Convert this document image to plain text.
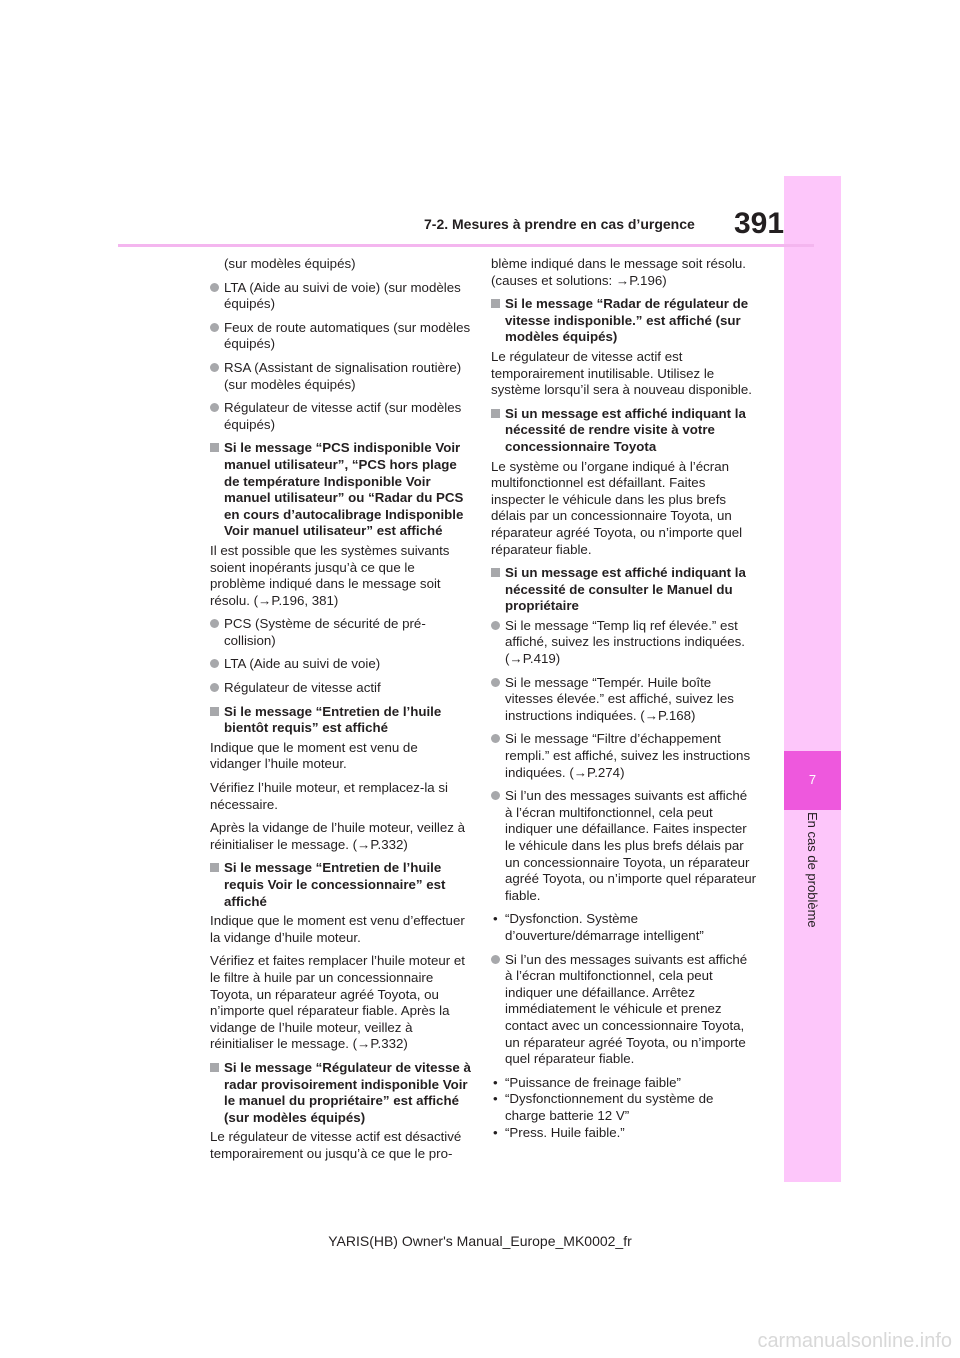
7
En cas de problème
7-2. Mesures à prendre en cas d’urgence 391
(sur modèles équipés)
LTA (Aide au suivi de voie) (sur modèles équipés)
Feux de route automatiques (sur modèles équipés)
RSA (Assistant de signalisation routière) (sur modèles équipés)
Régulateur de vitesse actif (sur modèles équipés)
Si le message “PCS indisponible Voir manuel utilisateur”, “PCS hors plage de température Indisponible Voir manuel utilisateur” ou “Radar du PCS en cours d’autocalibrage Indisponible Voir manuel utilisateur” est affiché
Il est possible que les systèmes suivants soient inopérants jusqu’à ce que le problème indiqué dans le message soit résolu. (→P.196, 381)
PCS (Système de sécurité de pré-collision)
LTA (Aide au suivi de voie)
Régulateur de vitesse actif
Si le message “Entretien de l’huile bientôt requis” est affiché
Indique que le moment est venu de vidanger l’huile moteur.
Vérifiez l’huile moteur, et remplacez-la si nécessaire.
Après la vidange de l’huile moteur, veillez à réinitialiser le message. (→P.332)
Si le message “Entretien de l’huile requis Voir le concessionnaire” est affiché
Indique que le moment est venu d’effectuer la vidange d’huile moteur.
Vérifiez et faites remplacer l’huile moteur et le filtre à huile par un concessionnaire Toyota, un réparateur agréé Toyota, ou n’importe quel réparateur fiable. Après la vidange de l’huile moteur, veillez à réinitialiser le message. (→P.332)
Si le message “Régulateur de vitesse à radar provisoirement indisponible Voir le manuel du propriétaire” est affiché (sur modèles équipés)
Le régulateur de vitesse actif est désactivé temporairement ou jusqu’à ce que le pro-
blème indiqué dans le message soit résolu. (causes et solutions: →P.196)
Si le message “Radar de régulateur de vitesse indisponible.” est affiché (sur modèles équipés)
Le régulateur de vitesse actif est temporairement inutilisable. Utilisez le système lorsqu’il sera à nouveau disponible.
Si un message est affiché indiquant la nécessité de rendre visite à votre concessionnaire Toyota
Le système ou l’organe indiqué à l’écran multifonctionnel est défaillant. Faites inspecter le véhicule dans les plus brefs délais par un concessionnaire Toyota, un réparateur agréé Toyota, ou n’importe quel réparateur fiable.
Si un message est affiché indiquant la nécessité de consulter le Manuel du propriétaire
Si le message “Temp liq ref élevée.” est affiché, suivez les instructions indiquées. (→P.419)
Si le message “Tempér. Huile boîte vitesses élevée.” est affiché, suivez les instructions indiquées. (→P.168)
Si le message “Filtre d’échappement rempli.” est affiché, suivez les instructions indiquées. (→P.274)
Si l’un des messages suivants est affiché à l’écran multifonctionnel, cela peut indiquer une défaillance. Faites inspecter le véhicule dans les plus brefs délais par un concessionnaire Toyota, un réparateur agréé Toyota, ou n’importe quel réparateur fiable.
• “Dysfonction. Système d’ouverture/démarrage intelligent”
Si l’un des messages suivants est affiché à l’écran multifonctionnel, cela peut indiquer une défaillance. Arrêtez immédiatement le véhicule et prenez contact avec un concessionnaire Toyota, un réparateur agréé Toyota, ou n’importe quel réparateur fiable.
• “Puissance de freinage faible”
• “Dysfonctionnement du système de charge batterie 12 V”
• “Press. Huile faible.”
YARIS(HB) Owner's Manual_Europe_MK0002_fr
carmanualsonline.info
